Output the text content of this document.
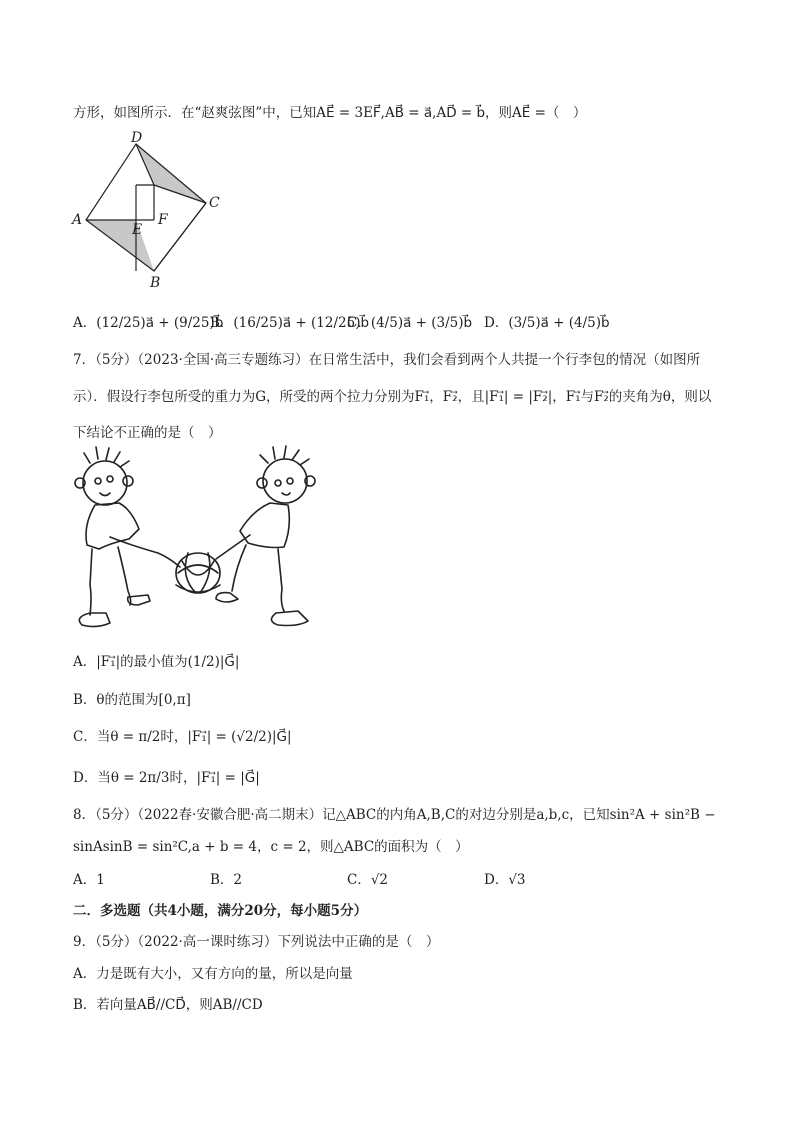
方形，如图所示．在“赵爽弦图”中，已知AE⃗ = 3EF⃗,AB⃗ = a⃗,AD⃗ = b⃗，则AE⃗ =（　）
D
C
A
E
F
B
A．(12/25)a⃗ + (9/25)b⃗
B．(16/25)a⃗ + (12/25)b⃗
C．(4/5)a⃗ + (3/5)b⃗ D．(3/5)a⃗ + (4/5)b⃗
7．（5分）（2023·全国·高三专题练习）在日常生活中，我们会看到两个人共提一个行李包的情况（如图所
示）．假设行李包所受的重力为G，所受的两个拉力分别为F₁⃗，F₂⃗，且|F₁⃗| = |F₂⃗|，F₁⃗与F₂⃗的夹角为θ，则以
下结论不正确的是（　）
A．|F₁⃗|的最小值为(1/2)|G⃗|
B．θ的范围为[0,π]
C．当θ = π/2时，|F₁⃗| = (√2/2)|G⃗|
D．当θ = 2π/3时，|F₁⃗| = |G⃗|
8．（5分）（2022春·安徽合肥·高二期末）记△ABC的内角A,B,C的对边分别是a,b,c，已知sin²A + sin²B −
sinAsinB = sin²C,a + b = 4，c = 2，则△ABC的面积为（　）
A．1	B．2	C．√2	D．√3
二．多选题（共4小题，满分20分，每小题5分）
9．（5分）（2022·高一课时练习）下列说法中正确的是（　）
A．力是既有大小，又有方向的量，所以是向量
B．若向量AB⃗//CD⃗，则AB//CD
